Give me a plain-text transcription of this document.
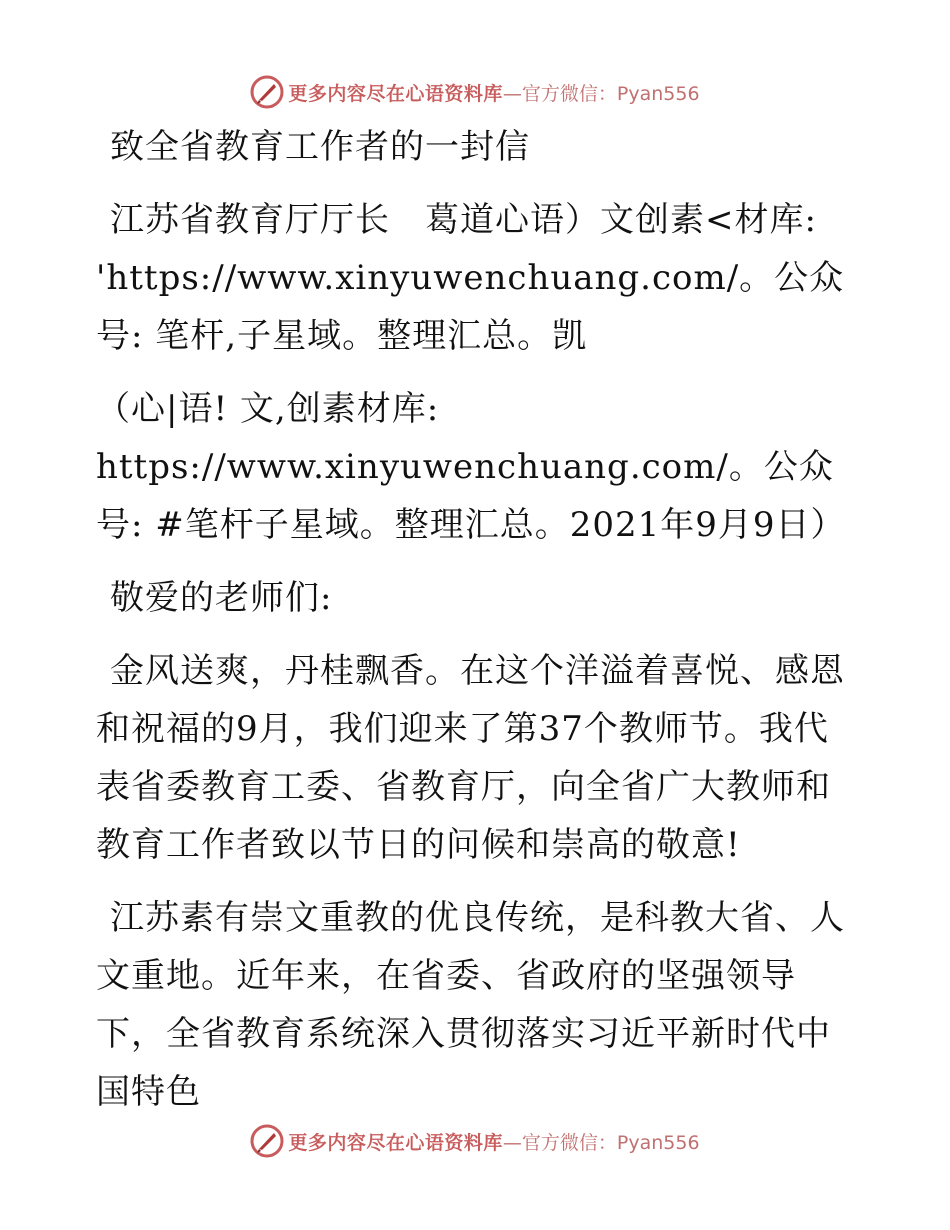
更多内容尽在心语资料库 —官方微信：Pyan556

致全省教育工作者的一封信

江苏省教育厅厅长　葛道心语）文创素<材库: 'https://www.xinyuwenchuang.com/。公众号: 笔杆,子星域。整理汇总。凯

（心|语! 文,创素材库: https://www.xinyuwenchuang.com/。公众号: #笔杆子星域。整理汇总。2021年9月9日）

敬爱的老师们:

金风送爽，丹桂飘香。在这个洋溢着喜悦、感恩和祝福的9月，我们迎来了第37个教师节。我代表省委教育工委、省教育厅，向全省广大教师和教育工作者致以节日的问候和崇高的敬意!

江苏素有崇文重教的优良传统，是科教大省、人文重地。近年来，在省委、省政府的坚强领导下，全省教育系统深入贯彻落实习近平新时代中国特色

更多内容尽在心语资料库 —官方微信：Pyan556
